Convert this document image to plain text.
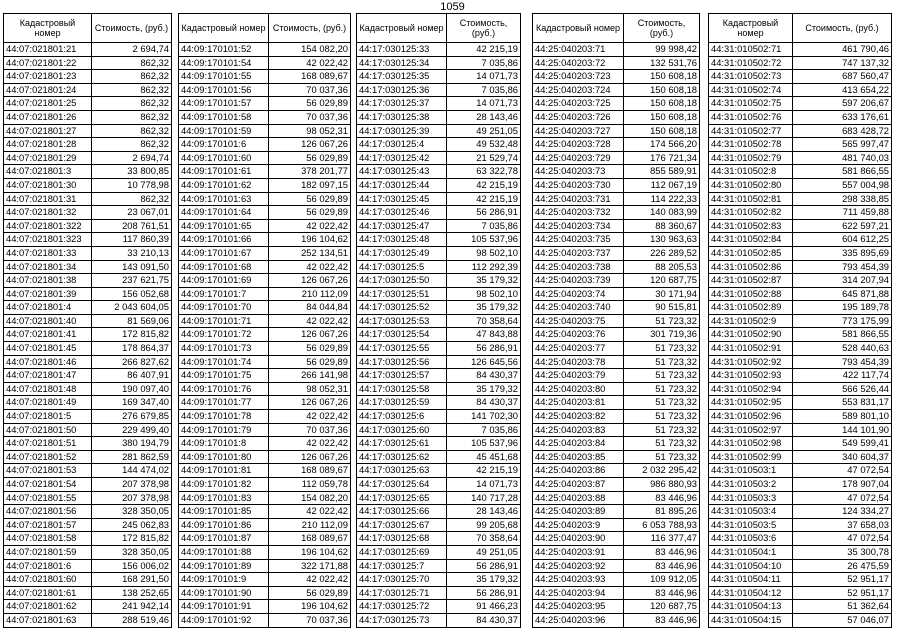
1059
Кадастровый номер	Стоимость, (руб.)
44:07:021801:21	2 694,74
44:07:021801:22	862,32
44:07:021801:23	862,32
44:07:021801:24	862,32
44:07:021801:25	862,32
44:07:021801:26	862,32
44:07:021801:27	862,32
44:07:021801:28	862,32
44:07:021801:29	2 694,74
44:07:021801:3	33 800,85
44:07:021801:30	10 778,98
44:07:021801:31	862,32
44:07:021801:32	23 067,01
44:07:021801:322	208 761,51
44:07:021801:323	117 860,39
44:07:021801:33	33 210,13
44:07:021801:34	143 091,50
44:07:021801:38	237 621,75
44:07:021801:39	156 052,68
44:07:021801:4	2 043 604,05
44:07:021801:40	81 569,06
44:07:021801:41	172 815,82
44:07:021801:45	178 864,37
44:07:021801:46	266 827,62
44:07:021801:47	86 407,91
44:07:021801:48	190 097,40
44:07:021801:49	169 347,40
44:07:021801:5	276 679,85
44:07:021801:50	229 499,40
44:07:021801:51	380 194,79
44:07:021801:52	281 862,59
44:07:021801:53	144 474,02
44:07:021801:54	207 378,98
44:07:021801:55	207 378,98
44:07:021801:56	328 350,05
44:07:021801:57	245 062,83
44:07:021801:58	172 815,82
44:07:021801:59	328 350,05
44:07:021801:6	156 006,02
44:07:021801:60	168 291,50
44:07:021801:61	138 252,65
44:07:021801:62	241 942,14
44:07:021801:63	288 519,46
Кадастровый номер	Стоимость, (руб.)
44:09:170101:52	154 082,20
44:09:170101:54	42 022,42
44:09:170101:55	168 089,67
44:09:170101:56	70 037,36
44:09:170101:57	56 029,89
44:09:170101:58	70 037,36
44:09:170101:59	98 052,31
44:09:170101:6	126 067,26
44:09:170101:60	56 029,89
44:09:170101:61	378 201,77
44:09:170101:62	182 097,15
44:09:170101:63	56 029,89
44:09:170101:64	56 029,89
44:09:170101:65	42 022,42
44:09:170101:66	196 104,62
44:09:170101:67	252 134,51
44:09:170101:68	42 022,42
44:09:170101:69	126 067,26
44:09:170101:7	210 112,09
44:09:170101:70	84 044,84
44:09:170101:71	42 022,42
44:09:170101:72	126 067,26
44:09:170101:73	56 029,89
44:09:170101:74	56 029,89
44:09:170101:75	266 141,98
44:09:170101:76	98 052,31
44:09:170101:77	126 067,26
44:09:170101:78	42 022,42
44:09:170101:79	70 037,36
44:09:170101:8	42 022,42
44:09:170101:80	126 067,26
44:09:170101:81	168 089,67
44:09:170101:82	112 059,78
44:09:170101:83	154 082,20
44:09:170101:85	42 022,42
44:09:170101:86	210 112,09
44:09:170101:87	168 089,67
44:09:170101:88	196 104,62
44:09:170101:89	322 171,88
44:09:170101:9	42 022,42
44:09:170101:90	56 029,89
44:09:170101:91	196 104,62
44:09:170101:92	70 037,36
Кадастровый номер	Стоимость, (руб.)
44:17:030125:33	42 215,19
44:17:030125:34	7 035,86
44:17:030125:35	14 071,73
44:17:030125:36	7 035,86
44:17:030125:37	14 071,73
44:17:030125:38	28 143,46
44:17:030125:39	49 251,05
44:17:030125:4	49 532,48
44:17:030125:42	21 529,74
44:17:030125:43	63 322,78
44:17:030125:44	42 215,19
44:17:030125:45	42 215,19
44:17:030125:46	56 286,91
44:17:030125:47	7 035,86
44:17:030125:48	105 537,96
44:17:030125:49	98 502,10
44:17:030125:5	112 292,39
44:17:030125:50	35 179,32
44:17:030125:51	98 502,10
44:17:030125:52	35 179,32
44:17:030125:53	70 358,64
44:17:030125:54	47 843,88
44:17:030125:55	56 286,91
44:17:030125:56	126 645,56
44:17:030125:57	84 430,37
44:17:030125:58	35 179,32
44:17:030125:59	84 430,37
44:17:030125:6	141 702,30
44:17:030125:60	7 035,86
44:17:030125:61	105 537,96
44:17:030125:62	45 451,68
44:17:030125:63	42 215,19
44:17:030125:64	14 071,73
44:17:030125:65	140 717,28
44:17:030125:66	28 143,46
44:17:030125:67	99 205,68
44:17:030125:68	70 358,64
44:17:030125:69	49 251,05
44:17:030125:7	56 286,91
44:17:030125:70	35 179,32
44:17:030125:71	56 286,91
44:17:030125:72	91 466,23
44:17:030125:73	84 430,37
Кадастровый номер	Стоимость, (руб.)
44:25:040203:71	99 998,42
44:25:040203:72	132 531,76
44:25:040203:723	150 608,18
44:25:040203:724	150 608,18
44:25:040203:725	150 608,18
44:25:040203:726	150 608,18
44:25:040203:727	150 608,18
44:25:040203:728	174 566,20
44:25:040203:729	176 721,34
44:25:040203:73	855 589,91
44:25:040203:730	112 067,19
44:25:040203:731	114 222,33
44:25:040203:732	140 083,99
44:25:040203:734	88 360,67
44:25:040203:735	130 963,63
44:25:040203:737	226 289,52
44:25:040203:738	88 205,53
44:25:040203:739	120 687,75
44:25:040203:74	30 171,94
44:25:040203:740	90 515,81
44:25:040203:75	51 723,32
44:25:040203:76	301 719,36
44:25:040203:77	51 723,32
44:25:040203:78	51 723,32
44:25:040203:79	51 723,32
44:25:040203:80	51 723,32
44:25:040203:81	51 723,32
44:25:040203:82	51 723,32
44:25:040203:83	51 723,32
44:25:040203:84	51 723,32
44:25:040203:85	51 723,32
44:25:040203:86	2 032 295,42
44:25:040203:87	986 880,93
44:25:040203:88	83 446,96
44:25:040203:89	81 895,26
44:25:040203:9	6 053 788,93
44:25:040203:90	116 377,47
44:25:040203:91	83 446,96
44:25:040203:92	83 446,96
44:25:040203:93	109 912,05
44:25:040203:94	83 446,96
44:25:040203:95	120 687,75
44:25:040203:96	83 446,96
Кадастровый номер	Стоимость, (руб.)
44:31:010502:71	461 790,46
44:31:010502:72	747 137,32
44:31:010502:73	687 560,47
44:31:010502:74	413 654,22
44:31:010502:75	597 206,67
44:31:010502:76	633 176,61
44:31:010502:77	683 428,72
44:31:010502:78	565 997,47
44:31:010502:79	481 740,03
44:31:010502:8	581 866,55
44:31:010502:80	557 004,98
44:31:010502:81	298 338,85
44:31:010502:82	711 459,88
44:31:010502:83	622 597,21
44:31:010502:84	604 612,25
44:31:010502:85	335 895,69
44:31:010502:86	793 454,39
44:31:010502:87	314 207,94
44:31:010502:88	645 871,88
44:31:010502:89	195 189,78
44:31:010502:9	773 175,99
44:31:010502:90	581 866,55
44:31:010502:91	528 440,63
44:31:010502:92	793 454,39
44:31:010502:93	422 117,74
44:31:010502:94	566 526,44
44:31:010502:95	553 831,17
44:31:010502:96	589 801,10
44:31:010502:97	144 101,90
44:31:010502:98	549 599,41
44:31:010502:99	340 604,37
44:31:010503:1	47 072,54
44:31:010503:2	178 907,04
44:31:010503:3	47 072,54
44:31:010503:4	124 334,27
44:31:010503:5	37 658,03
44:31:010503:6	47 072,54
44:31:010504:1	35 300,78
44:31:010504:10	26 475,59
44:31:010504:11	52 951,17
44:31:010504:12	52 951,17
44:31:010504:13	51 362,64
44:31:010504:15	57 046,07
